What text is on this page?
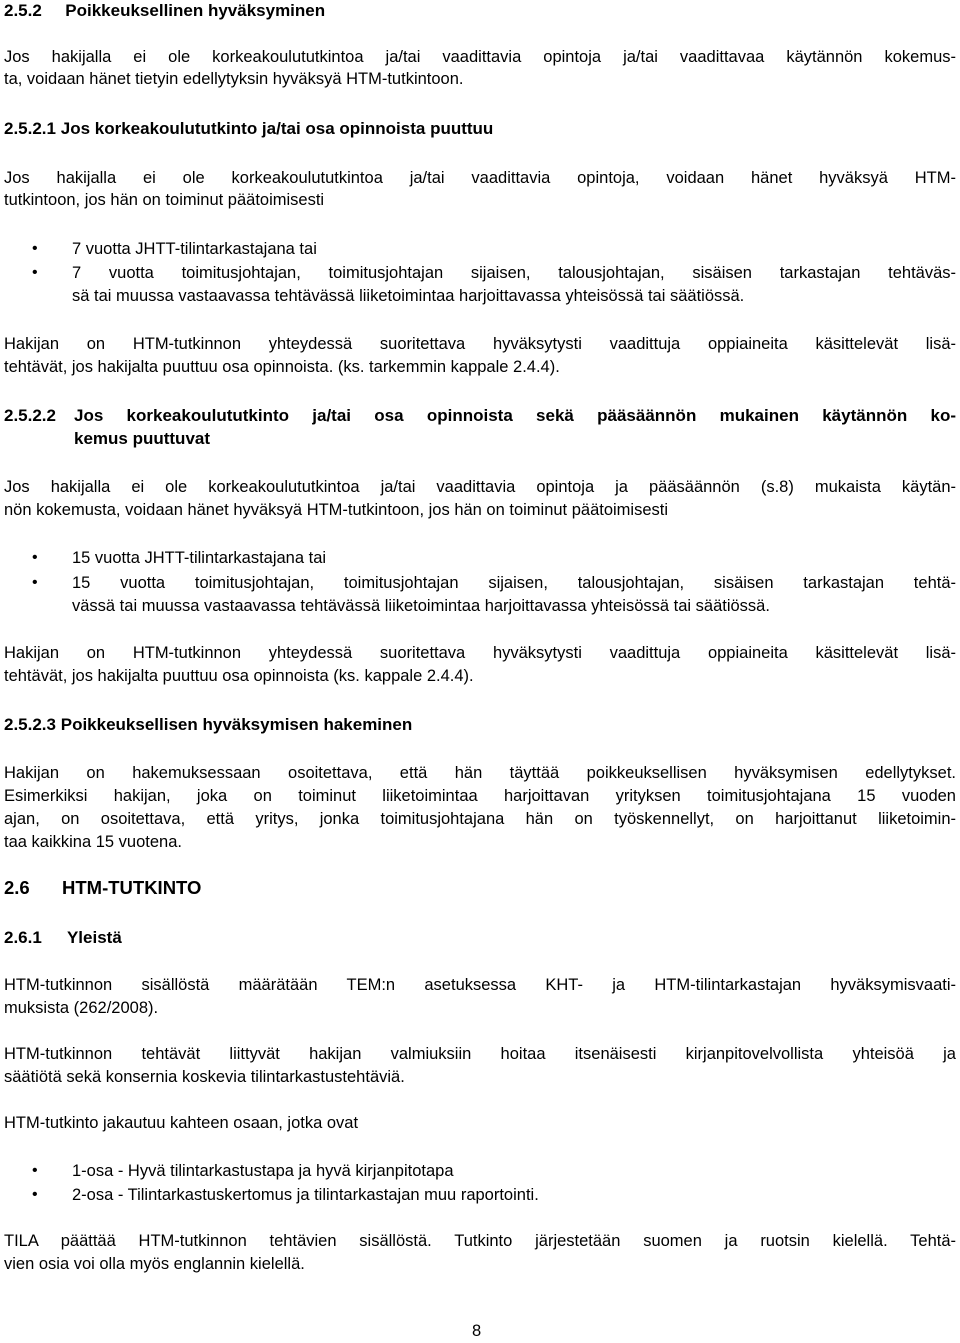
2.5.2 Poikkeuksellinen hyväksyminen
Jos hakijalla ei ole korkeakoulututkintoa ja/tai vaadittavia opintoja ja/tai vaadittavaa käytännön kokemus-
ta, voidaan hänet tietyin edellytyksin hyväksyä HTM-tutkintoon.
2.5.2.1 Jos korkeakoulututkinto ja/tai osa opinnoista puuttuu
Jos hakijalla ei ole korkeakoulututkintoa ja/tai vaadittavia opintoja, voidaan hänet hyväksyä HTM-
tutkintoon, jos hän on toiminut päätoimisesti
• 7 vuotta JHTT-tilintarkastajana tai
• 7 vuotta toimitusjohtajan, toimitusjohtajan sijaisen, talousjohtajan, sisäisen tarkastajan tehtäväs-
sä tai muussa vastaavassa tehtävässä liiketoimintaa harjoittavassa yhteisössä tai säätiössä.
Hakijan on HTM-tutkinnon yhteydessä suoritettava hyväksytysti vaadittuja oppiaineita käsittelevät lisä-
tehtävät, jos hakijalta puuttuu osa opinnoista. (ks. tarkemmin kappale 2.4.4).
2.5.2.2 Jos korkeakoulututkinto ja/tai osa opinnoista sekä pääsäännön mukainen käytännön ko-
kemus puuttuvat
Jos hakijalla ei ole korkeakoulututkintoa ja/tai vaadittavia opintoja ja pääsäännön (s.8) mukaista käytän-
nön kokemusta, voidaan hänet hyväksyä HTM-tutkintoon, jos hän on toiminut päätoimisesti
• 15 vuotta JHTT-tilintarkastajana tai
• 15 vuotta toimitusjohtajan, toimitusjohtajan sijaisen, talousjohtajan, sisäisen tarkastajan tehtä-
vässä tai muussa vastaavassa tehtävässä liiketoimintaa harjoittavassa yhteisössä tai säätiössä.
Hakijan on HTM-tutkinnon yhteydessä suoritettava hyväksytysti vaadittuja oppiaineita käsittelevät lisä-
tehtävät, jos hakijalta puuttuu osa opinnoista (ks. kappale 2.4.4).
2.5.2.3 Poikkeuksellisen hyväksymisen hakeminen
Hakijan on hakemuksessaan osoitettava, että hän täyttää poikkeuksellisen hyväksymisen edellytykset.
Esimerkiksi hakijan, joka on toiminut liiketoimintaa harjoittavan yrityksen toimitusjohtajana 15 vuoden
ajan, on osoitettava, että yritys, jonka toimitusjohtajana hän on työskennellyt, on harjoittanut liiketoimin-
taa kaikkina 15 vuotena.
2.6 HTM-TUTKINTO
2.6.1 Yleistä
HTM-tutkinnon sisällöstä määrätään TEM:n asetuksessa KHT- ja HTM-tilintarkastajan hyväksymisvaati-
muksista (262/2008).
HTM-tutkinnon tehtävät liittyvät hakijan valmiuksiin hoitaa itsenäisesti kirjanpitovelvollista yhteisöä ja
säätiötä sekä konsernia koskevia tilintarkastustehtäviä.
HTM-tutkinto jakautuu kahteen osaan, jotka ovat
• 1-osa - Hyvä tilintarkastustapa ja hyvä kirjanpitotapa
• 2-osa - Tilintarkastuskertomus ja tilintarkastajan muu raportointi.
TILA päättää HTM-tutkinnon tehtävien sisällöstä. Tutkinto järjestetään suomen ja ruotsin kielellä. Tehtä-
vien osia voi olla myös englannin kielellä.
8
